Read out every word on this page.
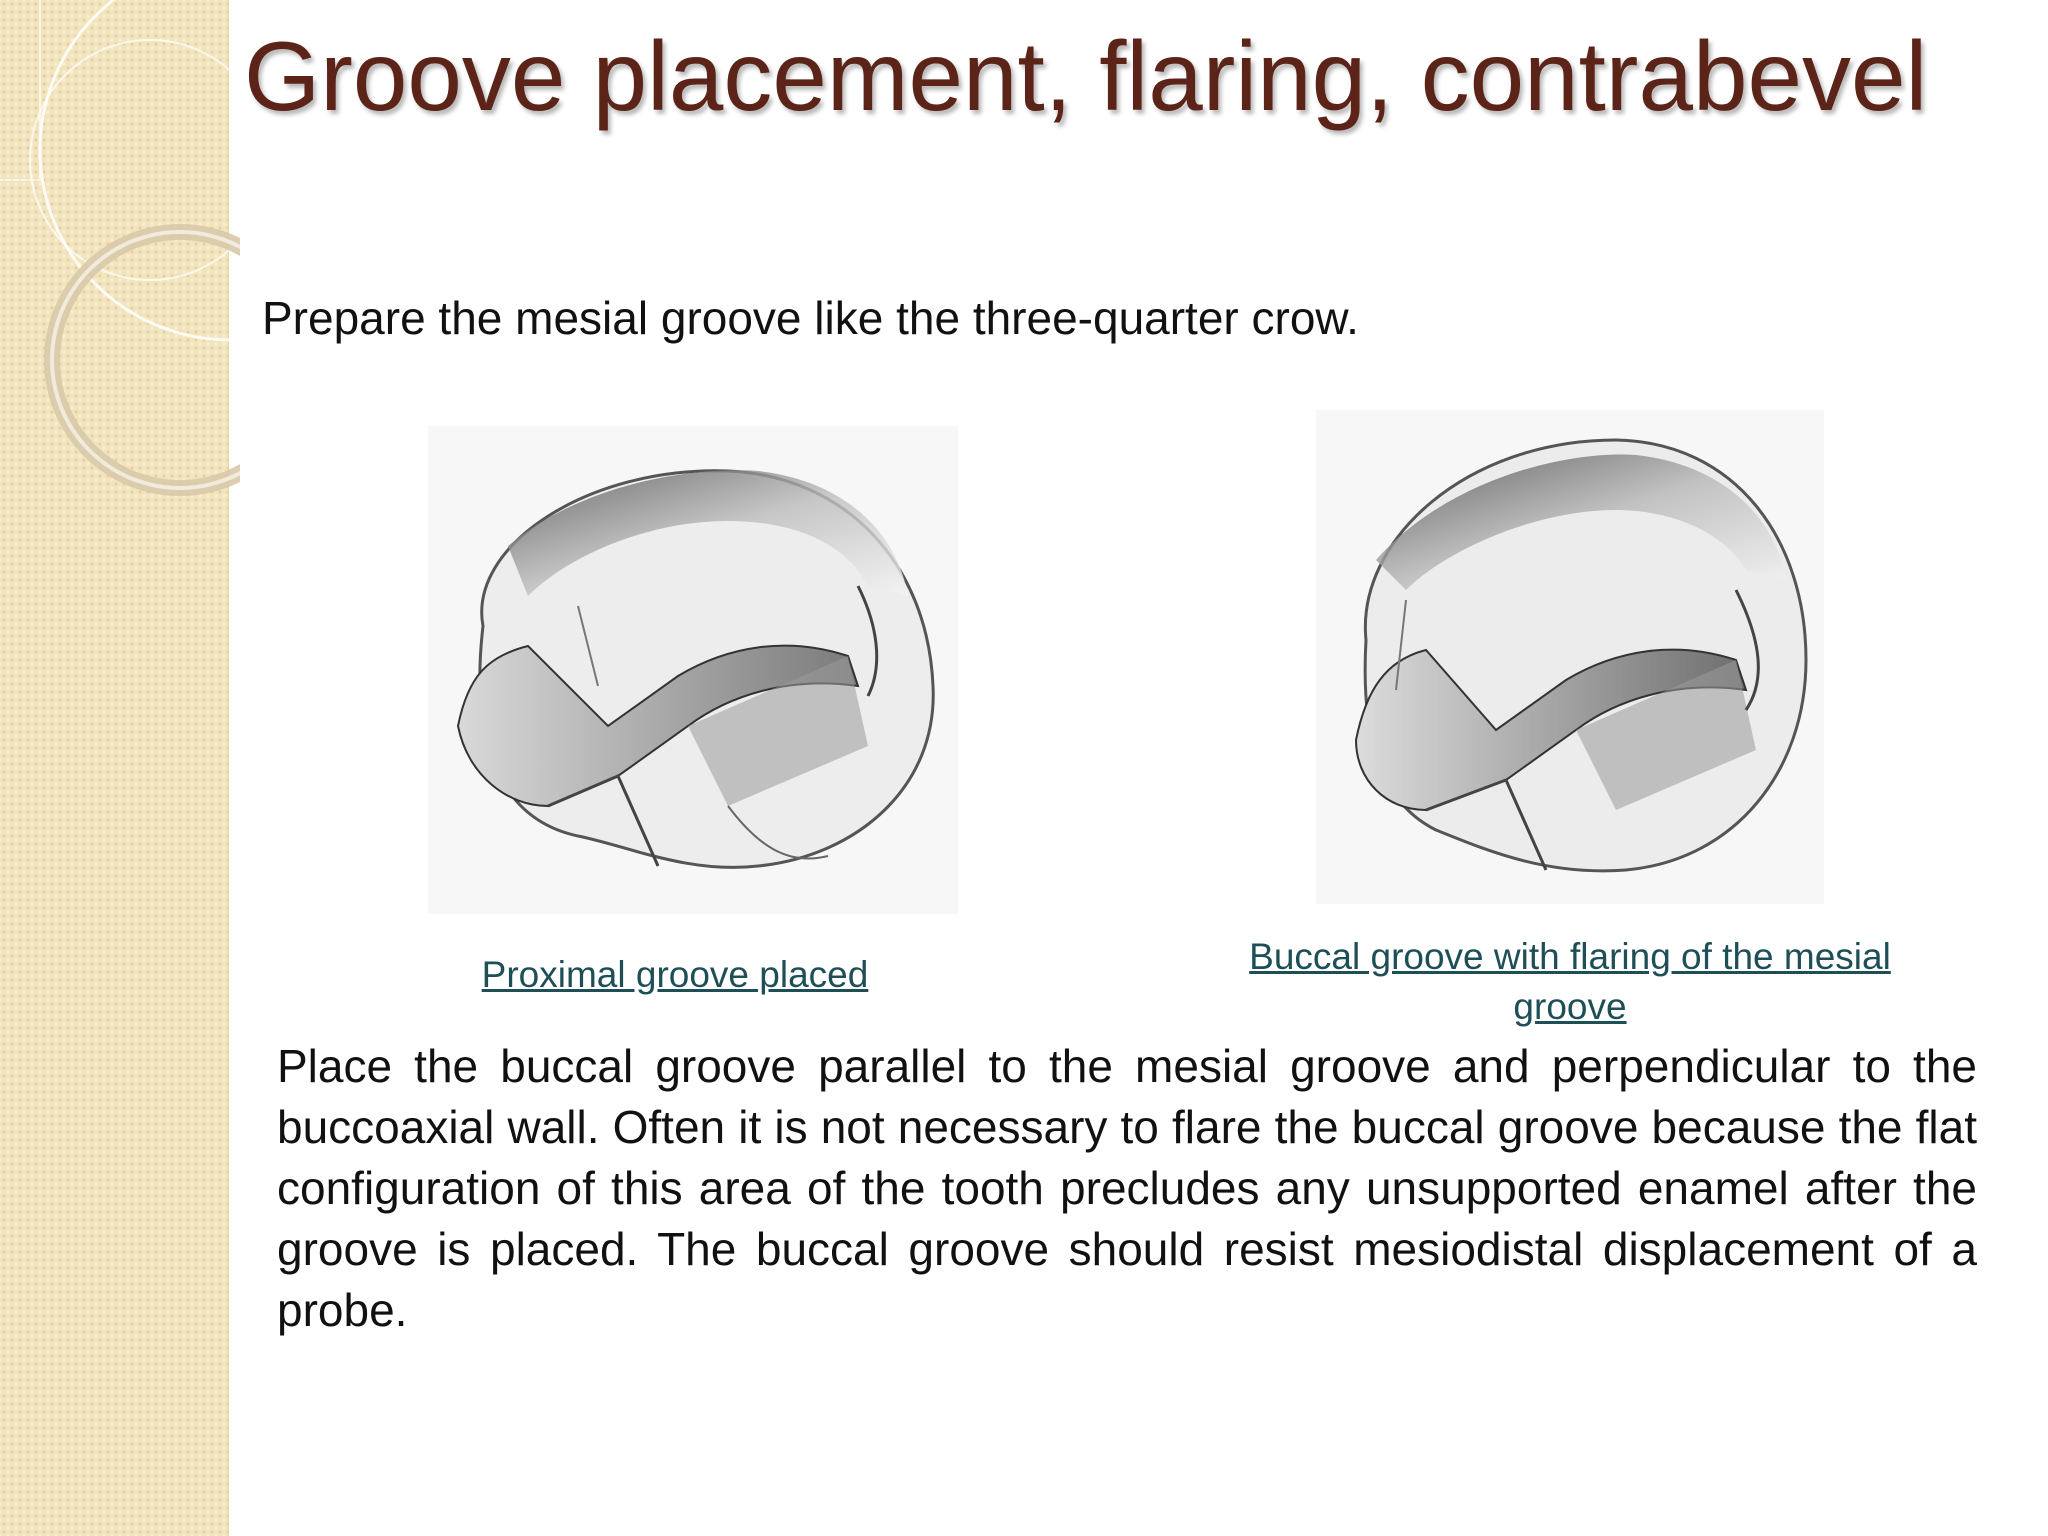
Groove placement, flaring, contrabevel
Prepare the mesial groove like the three-quarter crow.
Proximal groove placed	Buccal groove with flaring of the mesial groove

Place the buccal groove parallel to the mesial groove and perpendicular to the buccoaxial wall. Often it is not necessary to flare the buccal groove because the flat configuration of this area of the tooth precludes any unsupported enamel after the groove is placed. The buccal groove should resist mesiodistal displacement of a probe.
